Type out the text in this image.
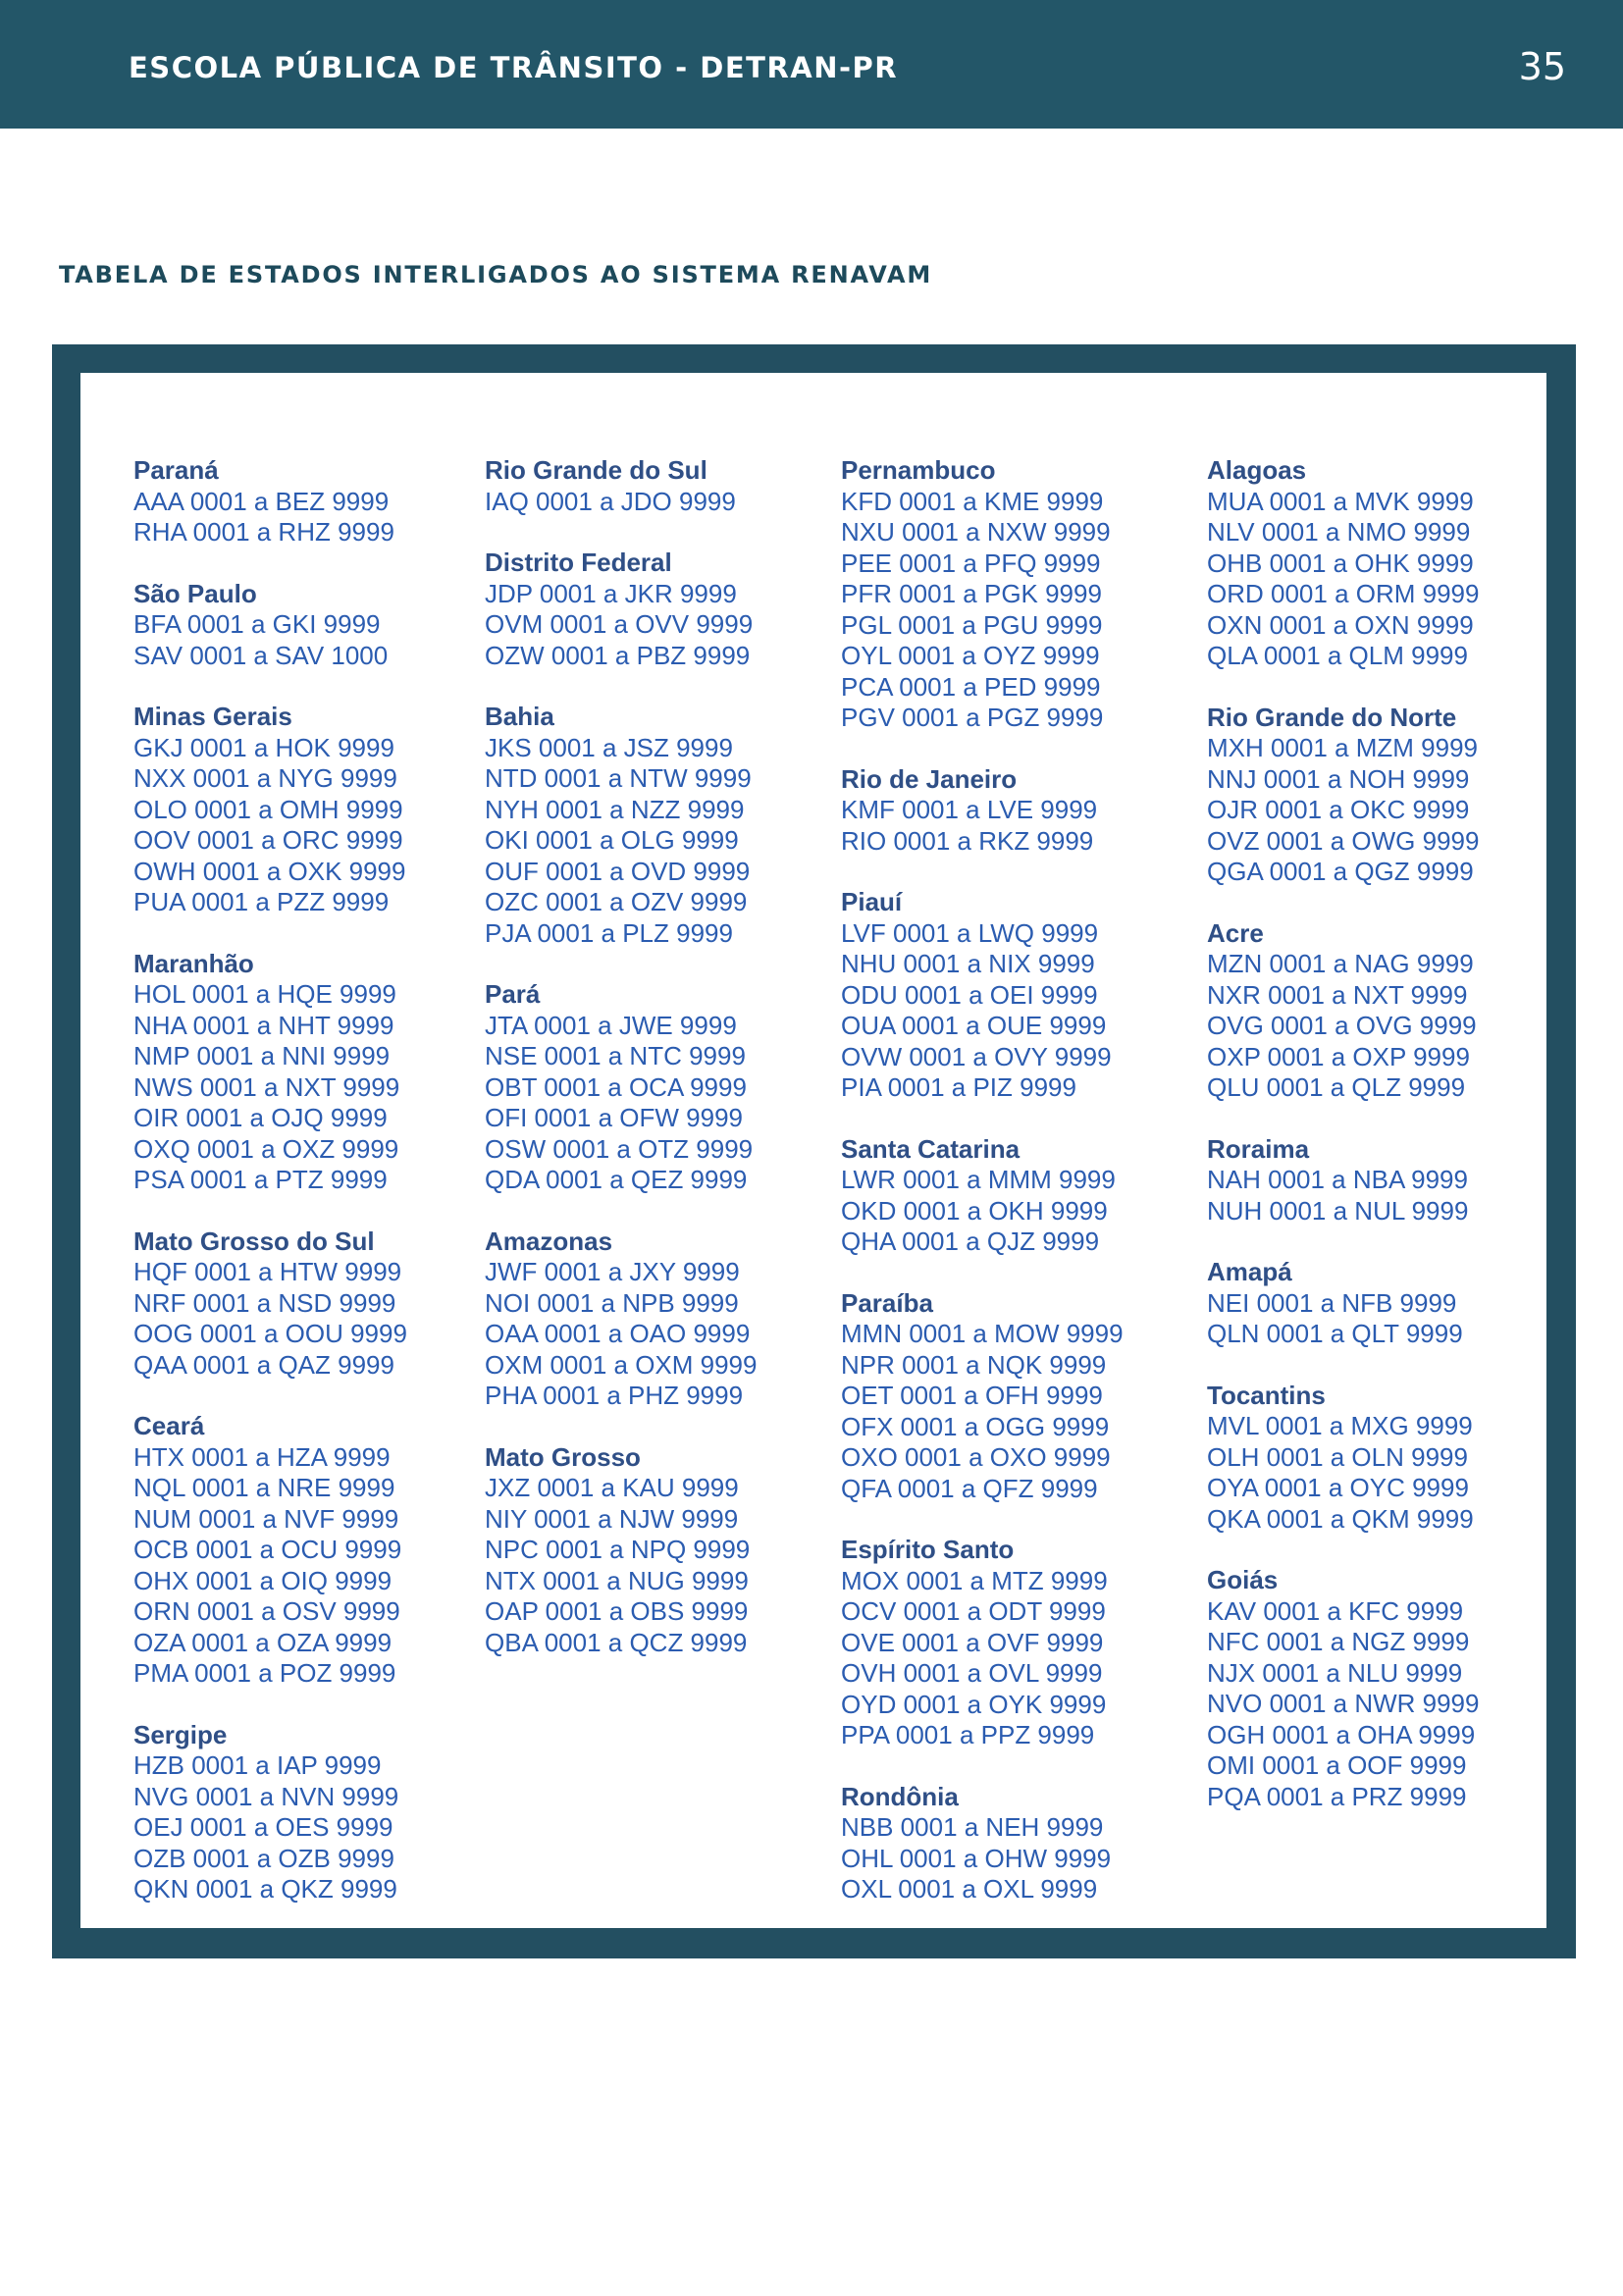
ESCOLA PÚBLICA DE TRÂNSITO - DETRAN-PR	35
TABELA DE ESTADOS INTERLIGADOS AO SISTEMA RENAVAM
Paraná
AAA 0001 a BEZ 9999
RHA 0001 a RHZ 9999
São Paulo
BFA 0001 a GKI 9999
SAV 0001 a SAV 1000
Minas Gerais
GKJ 0001 a HOK 9999
NXX 0001 a NYG 9999
OLO 0001 a OMH 9999
OOV 0001 a ORC 9999
OWH 0001 a OXK 9999
PUA 0001 a PZZ 9999
Maranhão
HOL 0001 a HQE 9999
NHA 0001 a NHT 9999
NMP 0001 a NNI 9999
NWS 0001 a NXT 9999
OIR 0001 a OJQ 9999
OXQ 0001 a OXZ 9999
PSA 0001 a PTZ 9999
Mato Grosso do Sul
HQF 0001 a HTW 9999
NRF 0001 a NSD 9999
OOG 0001 a OOU 9999
QAA 0001 a QAZ 9999
Ceará
HTX 0001 a HZA 9999
NQL 0001 a NRE 9999
NUM 0001 a NVF 9999
OCB 0001 a OCU 9999
OHX 0001 a OIQ 9999
ORN 0001 a OSV 9999
OZA 0001 a OZA 9999
PMA 0001 a POZ 9999
Sergipe
HZB 0001 a IAP 9999
NVG 0001 a NVN 9999
OEJ 0001 a OES 9999
OZB 0001 a OZB 9999
QKN 0001 a QKZ 9999
Rio Grande do Sul
IAQ 0001 a JDO 9999
Distrito Federal
JDP 0001 a JKR 9999
OVM 0001 a OVV 9999
OZW 0001 a PBZ 9999
Bahia
JKS 0001 a JSZ 9999
NTD 0001 a NTW 9999
NYH 0001 a NZZ 9999
OKI 0001 a OLG 9999
OUF 0001 a OVD 9999
OZC 0001 a OZV 9999
PJA 0001 a PLZ 9999
Pará
JTA 0001 a JWE 9999
NSE 0001 a NTC 9999
OBT 0001 a OCA 9999
OFI 0001 a OFW 9999
OSW 0001 a OTZ 9999
QDA 0001 a QEZ 9999
Amazonas
JWF 0001 a JXY 9999
NOI 0001 a NPB 9999
OAA 0001 a OAO 9999
OXM 0001 a OXM 9999
PHA 0001 a PHZ 9999
Mato Grosso
JXZ 0001 a KAU 9999
NIY 0001 a NJW 9999
NPC 0001 a NPQ 9999
NTX 0001 a NUG 9999
OAP 0001 a OBS 9999
QBA 0001 a QCZ 9999
Pernambuco
KFD 0001 a KME 9999
NXU 0001 a NXW 9999
PEE 0001 a PFQ 9999
PFR 0001 a PGK 9999
PGL 0001 a PGU 9999
OYL 0001 a OYZ 9999
PCA 0001 a PED 9999
PGV 0001 a PGZ 9999
Rio de Janeiro
KMF 0001 a LVE 9999
RIO 0001 a RKZ 9999
Piauí
LVF 0001 a LWQ 9999
NHU 0001 a NIX 9999
ODU 0001 a OEI 9999
OUA 0001 a OUE 9999
OVW 0001 a OVY 9999
PIA 0001 a PIZ 9999
Santa Catarina
LWR 0001 a MMM 9999
OKD 0001 a OKH 9999
QHA 0001 a QJZ 9999
Paraíba
MMN 0001 a MOW 9999
NPR 0001 a NQK 9999
OET 0001 a OFH 9999
OFX 0001 a OGG 9999
OXO 0001 a OXO 9999
QFA 0001 a QFZ 9999
Espírito Santo
MOX 0001 a MTZ 9999
OCV 0001 a ODT 9999
OVE 0001 a OVF 9999
OVH 0001 a OVL 9999
OYD 0001 a OYK 9999
PPA 0001 a PPZ 9999
Rondônia
NBB 0001 a NEH 9999
OHL 0001 a OHW 9999
OXL 0001 a OXL 9999
Alagoas
MUA 0001 a MVK 9999
NLV 0001 a NMO 9999
OHB 0001 a OHK 9999
ORD 0001 a ORM 9999
OXN 0001 a OXN 9999
QLA 0001 a QLM 9999
Rio Grande do Norte
MXH 0001 a MZM 9999
NNJ 0001 a NOH 9999
OJR 0001 a OKC 9999
OVZ 0001 a OWG 9999
QGA 0001 a QGZ 9999
Acre
MZN 0001 a NAG 9999
NXR 0001 a NXT 9999
OVG 0001 a OVG 9999
OXP 0001 a OXP 9999
QLU 0001 a QLZ 9999
Roraima
NAH 0001 a NBA 9999
NUH 0001 a NUL 9999
Amapá
NEI 0001 a NFB 9999
QLN 0001 a QLT 9999
Tocantins
MVL 0001 a MXG 9999
OLH 0001 a OLN 9999
OYA 0001 a OYC 9999
QKA 0001 a QKM 9999
Goiás
KAV 0001 a KFC 9999
NFC 0001 a NGZ 9999
NJX 0001 a NLU 9999
NVO 0001 a NWR 9999
OGH 0001 a OHA 9999
OMI 0001 a OOF 9999
PQA 0001 a PRZ 9999
